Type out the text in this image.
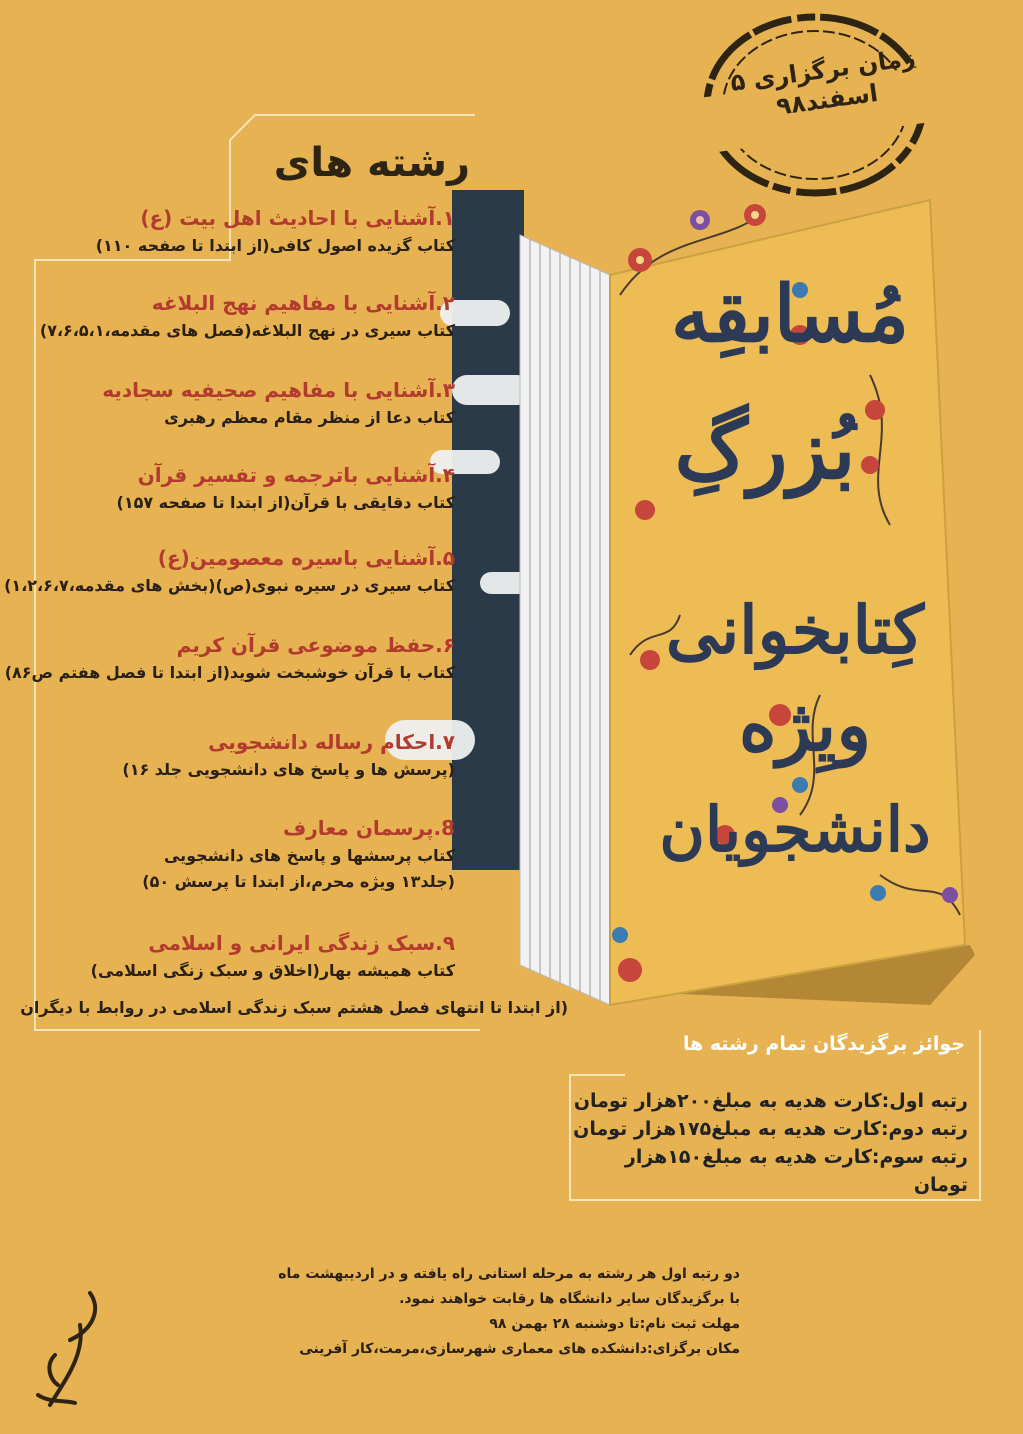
مُسابقِه
بُزرگِ
کِتابخوانی
ویِژه
دانشجویان
زمان برگزاری ۵ اسفند۹۸
رشته های
۱.آشنایی با احادیث اهل بیت (ع)
کتاب گزیده اصول کافی(از ابتدا تا صفحه ۱۱۰)
۲.آشنایی با مفاهیم نهج البلاغه
کتاب سیری در نهج البلاغه(فصل های مقدمه،۷،۶،۵،۱)
۳.آشنایی با مفاهیم صحیفیه سجادیه
کتاب دعا از منظر مقام معظم رهبری
۴.آشنایی باترجمه و تفسیر قرآن
کتاب دقایقی با قرآن(از ابتدا تا صفحه ۱۵۷)
۵.آشنایی باسیره معصومین(ع)
کتاب سیری در سیره نبوی(ص)(بخش های مقدمه،۱،۲،۶،۷)
۶.حفظ موضوعی قرآن کریم
کتاب با قرآن خوشبخت شوید(از ابتدا تا فصل هفتم ص۸۶)
۷.احکام رساله دانشجویی
(پرسش ها و پاسخ های دانشجویی جلد ۱۶)
8.پرسمان معارف
کتاب پرسشها و پاسخ های دانشجویی
(جلد۱۳ ویژه محرم،از ابتدا تا پرسش ۵۰)
۹.سبک زندگی ایرانی و اسلامی
کتاب همیشه بهار(اخلاق و سبک زنگی اسلامی)
(از ابتدا تا انتهای فصل هشتم سبک زندگی اسلامی در روابط با دیگران
جوائز برگزیدگان تمام رشته ها
رتبه اول:کارت هدیه به مبلغ۲۰۰هزار تومان
رتبه دوم:کارت هدیه به مبلغ۱۷۵هزار تومان
رتبه سوم:کارت هدیه به مبلغ۱۵۰هزار تومان
دو رتبه اول هر رشته به مرحله استانی راه یافته و در اردیبهشت ماه
با برگزیدگان سایر دانشگاه ها رقابت خواهند نمود.
مهلت ثبت نام:تا دوشنبه ۲۸ بهمن ۹۸
مکان برگزای:دانشکده های معماری شهرسازی،مرمت،کار آفرینی
